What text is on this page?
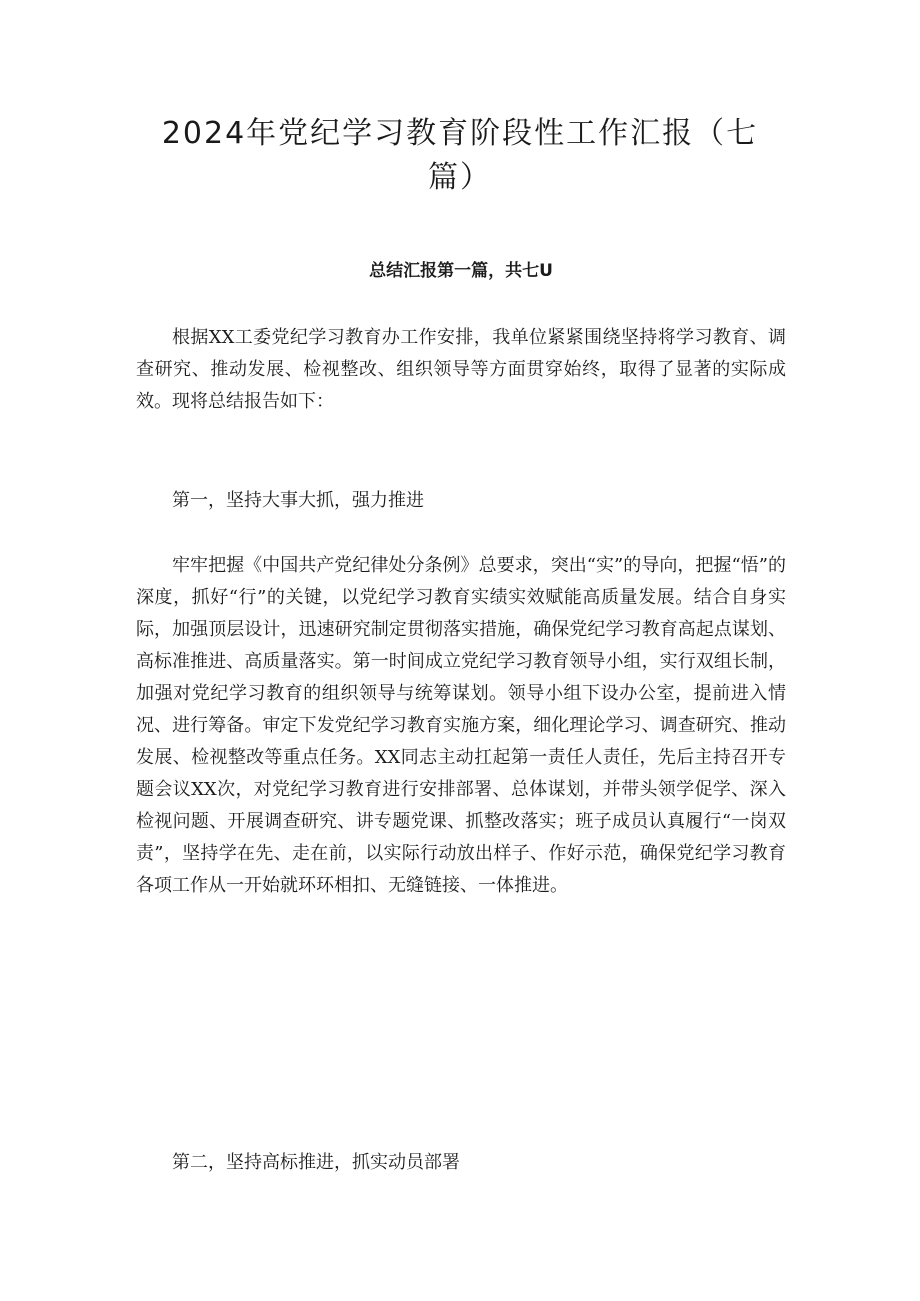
2024年党纪学习教育阶段性工作汇报（七篇）

总结汇报第一篇，共七U

根据XX工委党纪学习教育办工作安排，我单位紧紧围绕坚持将学习教育、调查研究、推动发展、检视整改、组织领导等方面贯穿始终，取得了显著的实际成效。现将总结报告如下：

第一，坚持大事大抓，强力推进

牢牢把握《中国共产党纪律处分条例》总要求，突出“实”的导向，把握“悟”的深度，抓好“行”的关键，以党纪学习教育实绩实效赋能高质量发展。结合自身实际，加强顶层设计，迅速研究制定贯彻落实措施，确保党纪学习教育高起点谋划、高标准推进、高质量落实。第一时间成立党纪学习教育领导小组，实行双组长制，加强对党纪学习教育的组织领导与统筹谋划。领导小组下设办公室，提前进入情况、进行筹备。审定下发党纪学习教育实施方案，细化理论学习、调查研究、推动发展、检视整改等重点任务。XX同志主动扛起第一责任人责任，先后主持召开专题会议XX次，对党纪学习教育进行安排部署、总体谋划，并带头领学促学、深入检视问题、开展调查研究、讲专题党课、抓整改落实；班子成员认真履行“一岗双责”，坚持学在先、走在前，以实际行动放出样子、作好示范，确保党纪学习教育各项工作从一开始就环环相扣、无缝链接、一体推进。

第二，坚持高标推进，抓实动员部署
